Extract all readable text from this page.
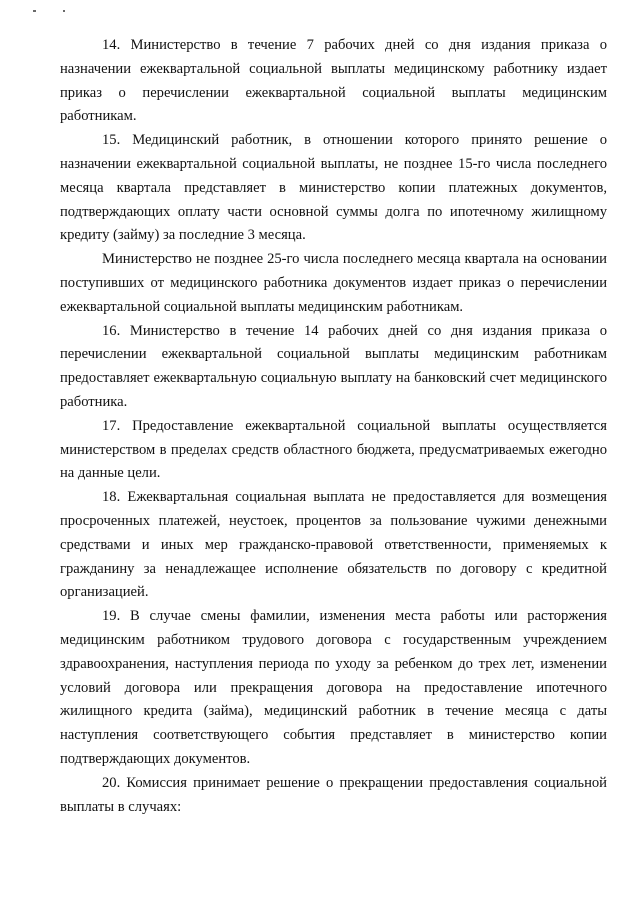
14. Министерство в течение 7 рабочих дней со дня издания приказа о назначении ежеквартальной социальной выплаты медицинскому работнику издает приказ о перечислении ежеквартальной социальной выплаты медицинским работникам.

15. Медицинский работник, в отношении которого принято решение о назначении ежеквартальной социальной выплаты, не позднее 15-го числа последнего месяца квартала представляет в министерство копии платежных документов, подтверждающих оплату части основной суммы долга по ипотечному жилищному кредиту (займу) за последние 3 месяца.

Министерство не позднее 25-го числа последнего месяца квартала на основании поступивших от медицинского работника документов издает приказ о перечислении ежеквартальной социальной выплаты медицинским работникам.

16. Министерство в течение 14 рабочих дней со дня издания приказа о перечислении ежеквартальной социальной выплаты медицинским работникам предоставляет ежеквартальную социальную выплату на банковский счет медицинского работника.

17. Предоставление ежеквартальной социальной выплаты осуществляется министерством в пределах средств областного бюджета, предусматриваемых ежегодно на данные цели.

18. Ежеквартальная социальная выплата не предоставляется для возмещения просроченных платежей, неустоек, процентов за пользование чужими денежными средствами и иных мер гражданско-правовой ответственности, применяемых к гражданину за ненадлежащее исполнение обязательств по договору с кредитной организацией.

19. В случае смены фамилии, изменения места работы или расторжения медицинским работником трудового договора с государственным учреждением здравоохранения, наступления периода по уходу за ребенком до трех лет, изменении условий договора или прекращения договора на предоставление ипотечного жилищного кредита (займа), медицинский работник в течение месяца с даты наступления соответствующего события представляет в министерство копии подтверждающих документов.

20. Комиссия принимает решение о прекращении предоставления социальной выплаты в случаях:
